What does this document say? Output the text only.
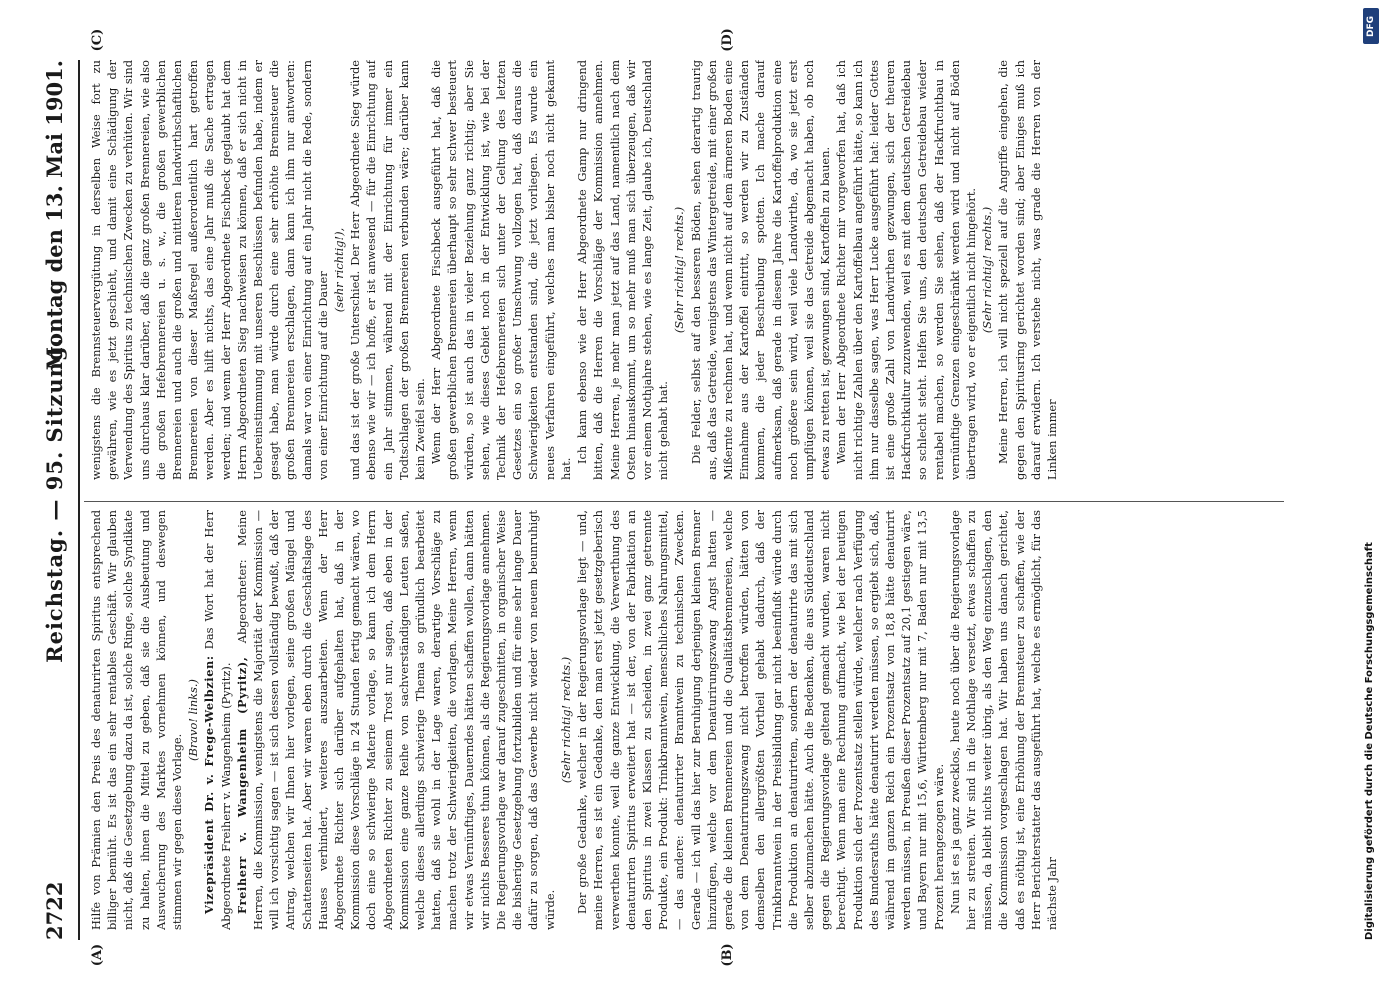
2722
Reichstag. — 95. Sitzung.
Montag den 13. Mai 1901.
(A)	(B)
(C)	(D)

Hilfe von Prämien den Preis des denaturirten Spiritus entsprechend billiger bemüht. Es ist das ein sehr rentables Geschäft. Wir glauben nicht, daß die Gesetzgebung dazu da ist, solche Ringe, solche Syndikate zu halten, ihnen die Mittel zu geben, daß sie die Ausbeutung und Auswucherung des Marktes vornehmen können, und deswegen stimmen wir gegen diese Vorlage.

(Bravo! links.) Vizepräsident Dr. v. Frege-Welbzien: Das Wort hat der Herr Abgeordnete Freiherr v. Wangenheim (Pyritz). Freiherr v. Wangenheim (Pyritz), Abgeordneter: Meine Herren, die Kommission, wenigstens die Majorität der Kommission — will ich vorsichtig sagen — ist sich dessen vollständig bewußt, daß der Antrag, welchen wir Ihnen hier vorlegen, seine großen Mängel und Schattenseiten hat. Aber wir waren eben durch die Geschäftslage des Hauses verhindert, weiteres auszuarbeiten. Wenn der Herr Abgeordnete Richter sich darüber aufgehalten hat, daß in der Kommission diese Vorschläge in 24 Stunden fertig gemacht wären, wo doch eine so schwierige Materie vorlage, so kann ich dem Herrn Abgeordneten Richter zu seinem Trost nur sagen, daß eben in der Kommission eine ganze Reihe von sachverständigen Leuten saßen, welche dieses allerdings schwierige Thema so gründlich bearbeitet hatten, daß sie wohl in der Lage waren, derartige Vorschläge zu machen trotz der Schwierigkeiten, die vorlagen. Meine Herren, wenn wir etwas Vernünftiges, Dauerndes hätten schaffen wollen, dann hätten wir nichts Besseres thun können, als die Regierungsvorlage annehmen. Die Regierungsvorlage war darauf zugeschnitten, in organischer Weise die bisherige Gesetzgebung fortzubilden und für eine sehr lange Dauer dafür zu sorgen, daß das Gewerbe nicht wieder von neuem beunruhigt würde.

(Sehr richtig! rechts.) Der große Gedanke, welcher in der Regierungsvorlage liegt — und, meine Herren, es ist ein Gedanke, den man erst jetzt gesetzgeberisch verwerthen konnte, weil die ganze Entwicklung, die Verwerthung des denaturirten Spiritus erweitert hat — ist der, von der Fabrikation an den Spiritus in zwei Klassen zu scheiden, in zwei ganz getrennte Produkte, ein Produkt: Trinkbranntwein, menschliches Nahrungsmittel, — das andere: denaturirter Branntwein zu technischen Zwecken. Gerade — ich will das hier zur Beruhigung derjenigen kleinen Brenner hinzufügen, welche vor dem Denaturirungszwang Angst hatten — gerade die kleinen Brennereien und die Qualitätsbrennereien, welche von dem Denaturirungszwang nicht betroffen würden, hätten von demselben den allergrößten Vortheil gehabt dadurch, daß der Trinkbranntwein in der Preisbildung gar nicht beeinflußt würde durch die Produktion an denaturirtem, sondern der denaturirte das mit sich selber abzumachen hätte. Auch die Bedenken, die aus Süddeutschland gegen die Regierungsvorlage geltend gemacht wurden, waren nicht berechtigt. Wenn man eine Rechnung aufmacht, wie bei der heutigen Produktion sich der Prozentsatz stellen würde, welcher nach Verfügung des Bundesraths hätte denaturirt werden müssen, so ergiebt sich, daß, während im ganzen Reich ein Prozentsatz von 18,8 hätte denaturirt werden müssen, in Preußen dieser Prozentsatz auf 20,1 gestiegen wäre, und Bayern nur mit 15,6, Württemberg nur mit 7, Baden nur mit 13,5 Prozent herangezogen wäre. Nun ist es ja ganz zwecklos, heute noch über die Regierungsvorlage hier zu streiten. Wir sind in die Nothlage versetzt, etwas schaffen zu müssen, da bleibt nichts weiter übrig, als den Weg einzuschlagen, den die Kommission vorgeschlagen hat. Wir haben uns danach gerichtet, daß es nöthig ist, eine Erhöhung der Brennsteuer zu schaffen, wie der Herr Berichterstatter das ausgeführt hat, welche es ermöglicht, für das nächste Jahr

wenigstens die Brennsteuervergütung in derselben Weise fort zu gewähren, wie es jetzt geschieht, und damit eine Schädigung der Verwendung des Spiritus zu technischen Zwecken zu verhüten. Wir sind uns durchaus klar darüber, daß die ganz großen Brennereien, wie also die großen Hefebrennereien u. s. w., die großen gewerblichen Brennereien und auch die großen und mittleren landwirthschaftlichen Brennereien von dieser Maßregel außerordentlich hart getroffen werden. Aber es hilft nichts, das eine Jahr muß die Sache ertragen werden; und wenn der Herr Abgeordnete Fischbeck geglaubt hat dem Herrn Abgeordneten Sieg nachweisen zu können, daß er sich nicht in Uebereinstimmung mit unseren Beschlüssen befunden habe, indem er gesagt habe, man würde durch eine sehr erhöhte Brennsteuer die großen Brennereien erschlagen, dann kann ich ihm nur antworten: damals war von einer Einrichtung auf ein Jahr nicht die Rede, sondern von einer Einrichtung auf die Dauer

(sehr richtig!), und das ist der große Unterschied. Der Herr Abgeordnete Sieg würde ebenso wie wir — ich hoffe, er ist anwesend — für die Einrichtung auf ein Jahr stimmen, während mit der Einrichtung für immer ein Todtschlagen der großen Brennereien verbunden wäre; darüber kann kein Zweifel sein. Wenn der Herr Abgeordnete Fischbeck ausgeführt hat, daß die großen gewerblichen Brennereien überhaupt so sehr schwer besteuert würden, so ist auch das in vieler Beziehung ganz richtig; aber Sie sehen, wie dieses Gebiet noch in der Entwicklung ist, wie bei der Technik der Hefebrennereien sich unter der Geltung des letzten Gesetzes ein so großer Umschwung vollzogen hat, daß daraus die Schwierigkeiten entstanden sind, die jetzt vorliegen. Es wurde ein neues Verfahren eingeführt, welches man bisher noch nicht gekannt hat.

Ich kann ebenso wie der Herr Abgeordnete Gamp nur dringend bitten, daß die Herren die Vorschläge der Kommission annehmen. Meine Herren, je mehr man jetzt auf das Land, namentlich nach dem Osten hinauskommt, um so mehr muß man sich überzeugen, daß wir vor einem Nothjahre stehen, wie es lange Zeit, glaube ich, Deutschland nicht gehabt hat.

(Sehr richtig! rechts.) Die Felder, selbst auf den besseren Böden, sehen derartig traurig aus, daß das Getreide, wenigstens das Wintergetreide, mit einer großen Mißernte zu rechnen hat, und wenn nicht auf dem ärmeren Boden eine Einnahme aus der Kartoffel eintritt, so werden wir zu Zuständen kommen, die jeder Beschreibung spotten. Ich mache darauf aufmerksam, daß gerade in diesem Jahre die Kartoffelproduktion eine noch größere sein wird, weil viele Landwirthe, da, wo sie jetzt erst umpflügen können, weil sie das Getreide abgemacht haben, ob noch etwas zu retten ist, gezwungen sind, Kartoffeln zu bauen. Wenn der Herr Abgeordnete Richter mir vorgeworfen hat, daß ich nicht richtige Zahlen über den Kartoffelbau angeführt hätte, so kann ich ihm nur dasselbe sagen, was Herr Lucke ausgeführt hat: leider Gottes ist eine große Zahl von Landwirthen gezwungen, sich der theuren Hackfruchtkultur zuzuwenden, weil es mit dem deutschen Getreidebau so schlecht steht. Helfen Sie uns, den deutschen Getreidebau wieder rentabel machen, so werden Sie sehen, daß der Hackfruchtbau in vernünftige Grenzen eingeschränkt werden wird und nicht auf Böden übertragen wird, wo er eigentlich nicht hingehört. (Sehr richtig! rechts.) Meine Herren, ich will nicht speziell auf die Angriffe eingehen, die gegen den Spiritusring gerichtet worden sind; aber Einiges muß ich darauf erwidern. Ich verstehe nicht, was grade die Herren von der Linken immer

DFG
Digitalisierung gefördert durch die Deutsche Forschungsgemeinschaft
